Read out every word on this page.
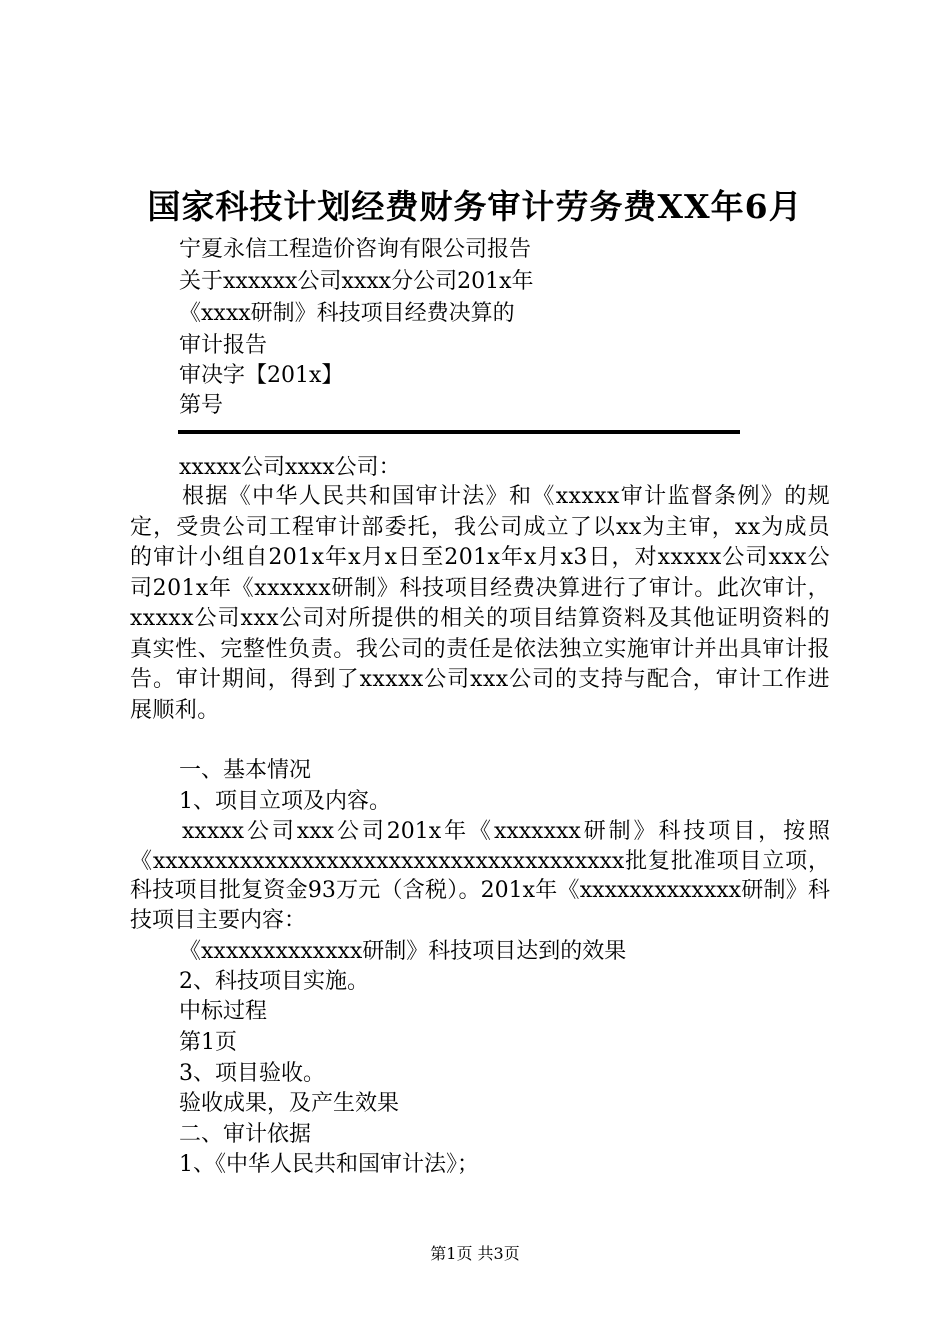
国家科技计划经费财务审计劳务费XX年6月
宁夏永信工程造价咨询有限公司报告
关于xxxxxx公司xxxx分公司201x年
《xxxx研制》科技项目经费决算的
审计报告
审决字【201x】
第号
xxxxx公司xxxx公司：
根据《中华人民共和国审计法》和《xxxxx审计监督条例》的规定，受贵公司工程审计部委托，我公司成立了以xx为主审，xx为成员的审计小组自201x年x月x日至201x年x月x3日，对xxxxx公司xxx公司201x年《xxxxxx研制》科技项目经费决算进行了审计。此次审计，xxxxx公司xxx公司对所提供的相关的项目结算资料及其他证明资料的真实性、完整性负责。我公司的责任是依法独立实施审计并出具审计报告。审计期间，得到了xxxxx公司xxx公司的支持与配合，审计工作进展顺利。
一、基本情况
1、项目立项及内容。
xxxxx公司xxx公司201x年《xxxxxxx研制》科技项目，按照《xxxxxxxxxxxxxxxxxxxxxxxxxxxxxxxxxxxxxx批复批准项目立项，科技项目批复资金93万元（含税）。201x年《xxxxxxxxxxxxx研制》科技项目主要内容：
《xxxxxxxxxxxxx研制》科技项目达到的效果
2、科技项目实施。
中标过程
第1页
3、项目验收。
验收成果，及产生效果
二、审计依据
1、《中华人民共和国审计法》；
第1页 共3页
